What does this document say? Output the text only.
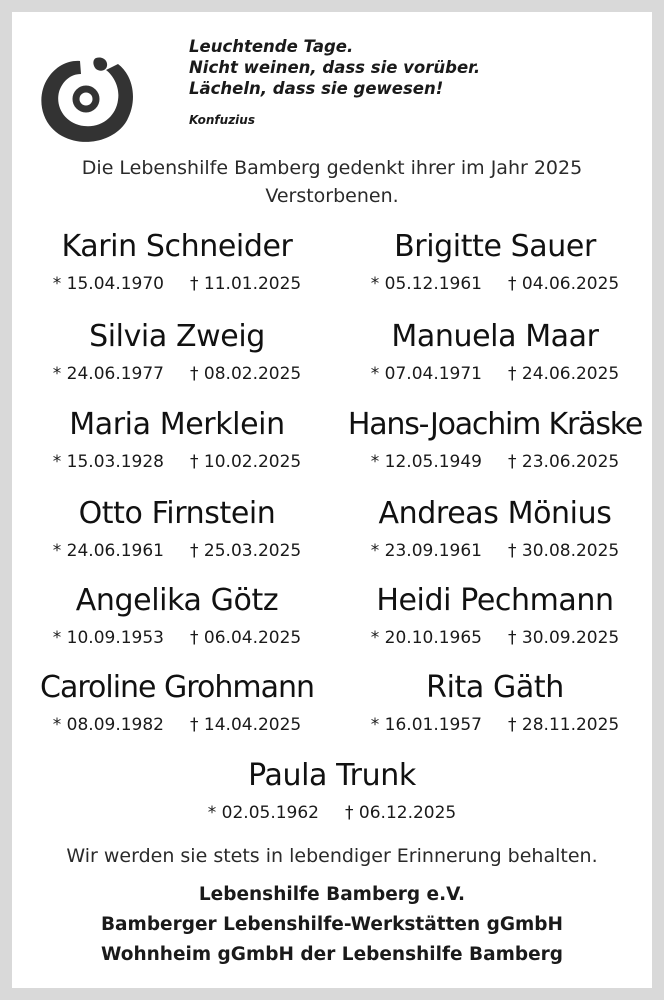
Leuchtende Tage.
Nicht weinen, dass sie vorüber.
Lächeln, dass sie gewesen!
Konfuzius
Die Lebenshilfe Bamberg gedenkt ihrer im Jahr 2025
Verstorbenen.
Karin Schneider
* 15.04.1970 † 11.01.2025
Brigitte Sauer
* 05.12.1961 † 04.06.2025
Silvia Zweig
* 24.06.1977 † 08.02.2025
Manuela Maar
* 07.04.1971 † 24.06.2025
Maria Merklein
* 15.03.1928 † 10.02.2025
Hans-Joachim Kräske
* 12.05.1949 † 23.06.2025
Otto Firnstein
* 24.06.1961 † 25.03.2025
Andreas Mönius
* 23.09.1961 † 30.08.2025
Angelika Götz
* 10.09.1953 † 06.04.2025
Heidi Pechmann
* 20.10.1965 † 30.09.2025
Caroline Grohmann
* 08.09.1982 † 14.04.2025
Rita Gäth
* 16.01.1957 † 28.11.2025
Paula Trunk
* 02.05.1962 † 06.12.2025
Wir werden sie stets in lebendiger Erinnerung behalten.
Lebenshilfe Bamberg e.V.
Bamberger Lebenshilfe-Werkstätten gGmbH
Wohnheim gGmbH der Lebenshilfe Bamberg
